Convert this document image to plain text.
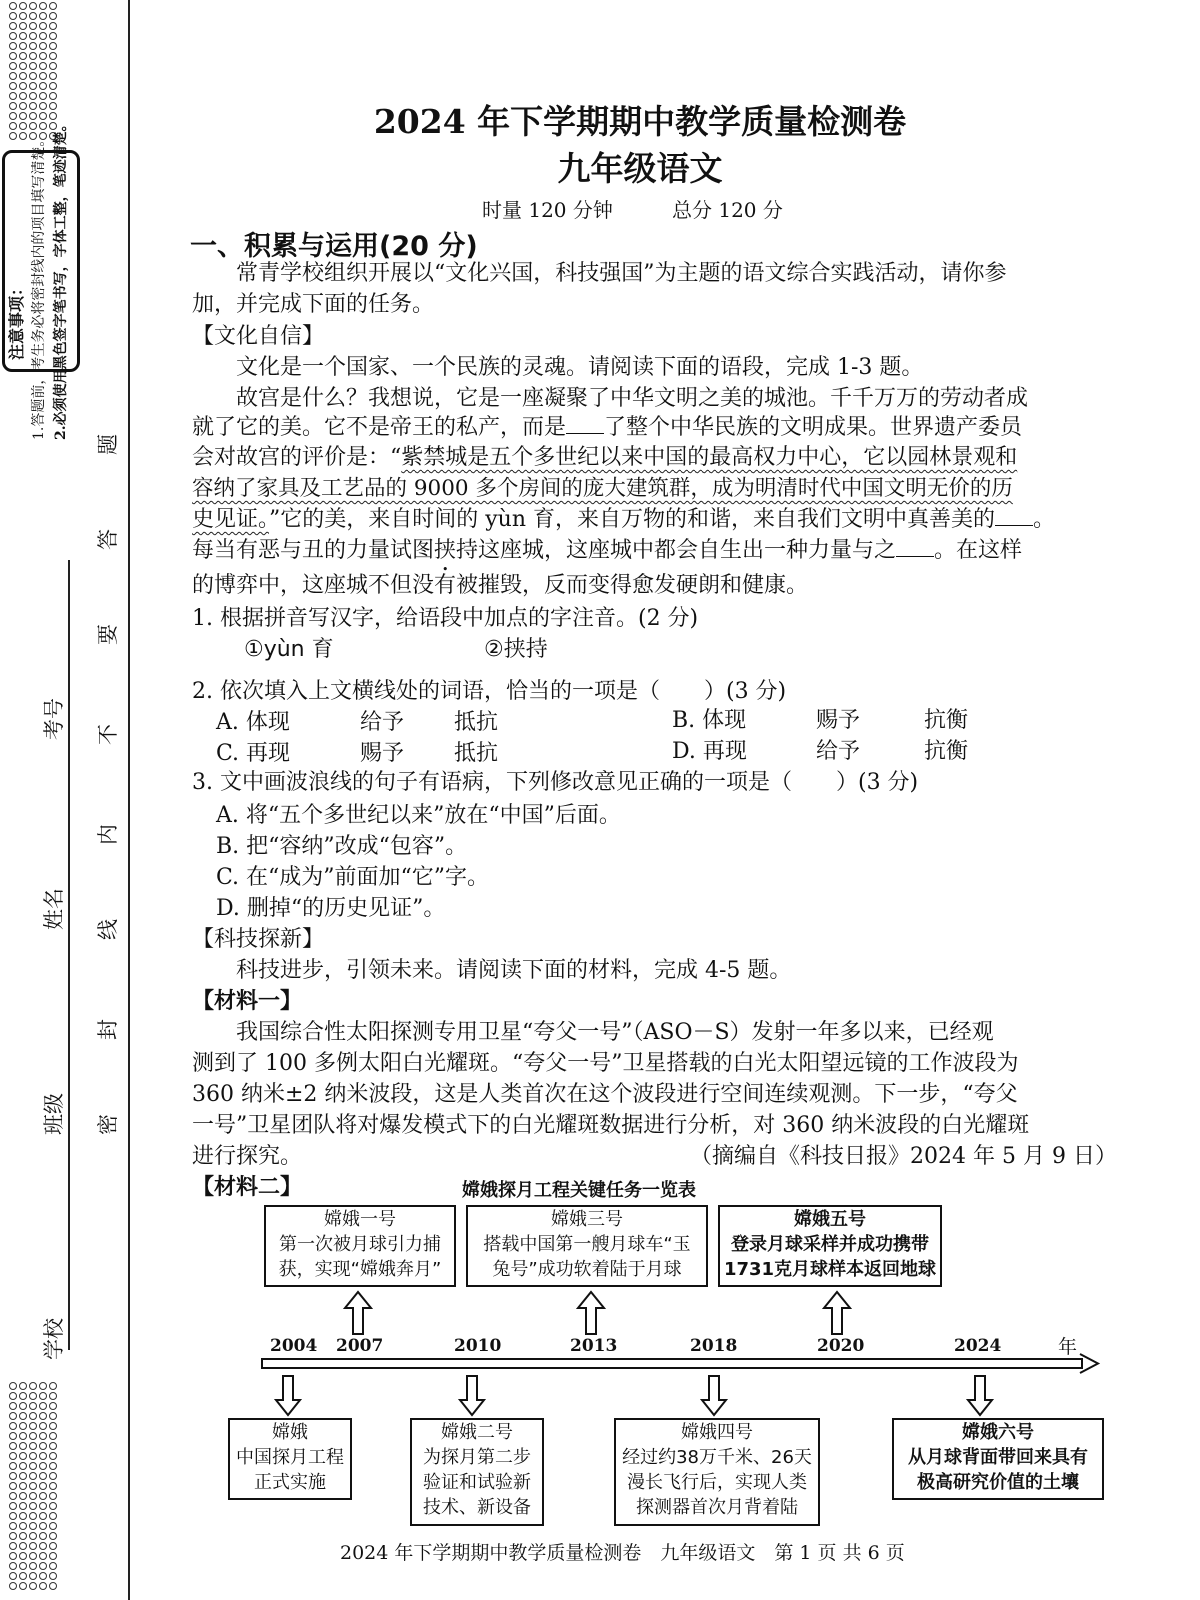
注意事项： 1.答题前，考生务必将密封线内的项目填写清楚。 2.必须使用黑色签字笔书写，字体工整，笔迹清楚。
学校
班级
姓名
考号
密
封
线
内
不
要
答
题
2024 年下学期期中教学质量检测卷
九年级语文
时量 120 分钟	总分 120 分
一、积累与运用(20 分)
常青学校组织开展以“文化兴国，科技强国”为主题的语文综合实践活动，请你参
加，并完成下面的任务。
【文化自信】
文化是一个国家、一个民族的灵魂。请阅读下面的语段，完成 1-3 题。
故宫是什么？我想说，它是一座凝聚了中华文明之美的城池。千千万万的劳动者成
就了它的美。它不是帝王的私产，而是 了整个中华民族的文明成果。世界遗产委员
会对故宫的评价是：“紫禁城是五个多世纪以来中国的最高权力中心，它以园林景观和
容纳了家具及工艺品的 9000 多个房间的庞大建筑群，成为明清时代中国文明无价的历
史见证。”它的美，来自时间的 yùn 育，来自万物的和谐，来自我们文明中真善美的 。
每当有恶与丑的力量试图挟持这座城，这座城中都会自生出一种力量与之 。在这样
的博弈中，这座城不但没有被摧毁，反而变得愈发硬朗和健康。
1. 根据拼音写汉字，给语段中加点的字注音。(2 分)
①yùn 育	②挟持
2. 依次填入上文横线处的词语，恰当的一项是（　　）(3 分)
A. 体现	给予 抵抗	B. 体现	赐予	抗衡
C. 再现	赐予 抵抗	D. 再现	给予	抗衡
3. 文中画波浪线的句子有语病，下列修改意见正确的一项是（　　）(3 分)
A. 将“五个多世纪以来”放在“中国”后面。
B. 把“容纳”改成“包容”。
C. 在“成为”前面加“它”字。
D. 删掉“的历史见证”。
【科技探新】
科技进步，引领未来。请阅读下面的材料，完成 4-5 题。
【材料一】
我国综合性太阳探测专用卫星“夸父一号”（ASO－S）发射一年多以来，已经观
测到了 100 多例太阳白光耀斑。“夸父一号”卫星搭载的白光太阳望远镜的工作波段为
360 纳米±2 纳米波段，这是人类首次在这个波段进行空间连续观测。下一步，“夸父
一号”卫星团队将对爆发模式下的白光耀斑数据进行分析，对 360 纳米波段的白光耀斑
进行探究。	（摘编自《科技日报》2024 年 5 月 9 日）
【材料二】	嫦娥探月工程关键任务一览表
嫦娥一号
第一次被月球引力捕
获，实现“嫦娥奔月”
嫦娥三号
搭载中国第一艘月球车“玉
兔号”成功软着陆于月球
嫦娥五号
登录月球采样并成功携带
1731克月球样本返回地球
2004 2007	2010	2013	2018	2020	2024	年
嫦娥
中国探月工程
正式实施
嫦娥二号
为探月第二步
验证和试验新
技术、新设备
嫦娥四号
经过约38万千米、26天
漫长飞行后，实现人类
探测器首次月背着陆
嫦娥六号
从月球背面带回来具有
极高研究价值的土壤
2024 年下学期期中教学质量检测卷　九年级语文　第 1 页 共 6 页
